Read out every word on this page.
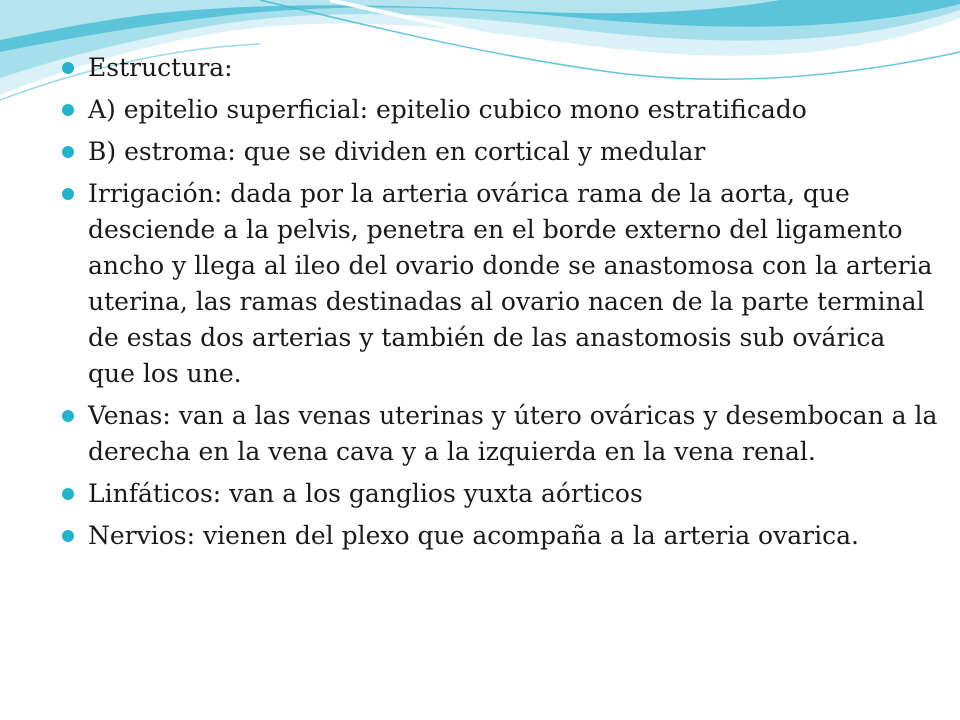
Estructura:
A) epitelio superficial: epitelio cubico mono estratificado
B) estroma: que se dividen en cortical y medular
Irrigación: dada por la arteria ovárica rama de la aorta, que desciende a la pelvis, penetra en el borde externo del ligamento ancho y llega al ileo del ovario donde se anastomosa con la arteria uterina, las ramas destinadas al ovario nacen de la parte terminal de estas dos arterias y también de las anastomosis sub ovárica que los une.
Venas: van a las venas uterinas y útero ováricas y desembocan a la derecha en la vena cava y a la izquierda en la vena renal.
Linfáticos: van a los ganglios yuxta aórticos
Nervios: vienen del plexo que acompaña a la arteria ovarica.
